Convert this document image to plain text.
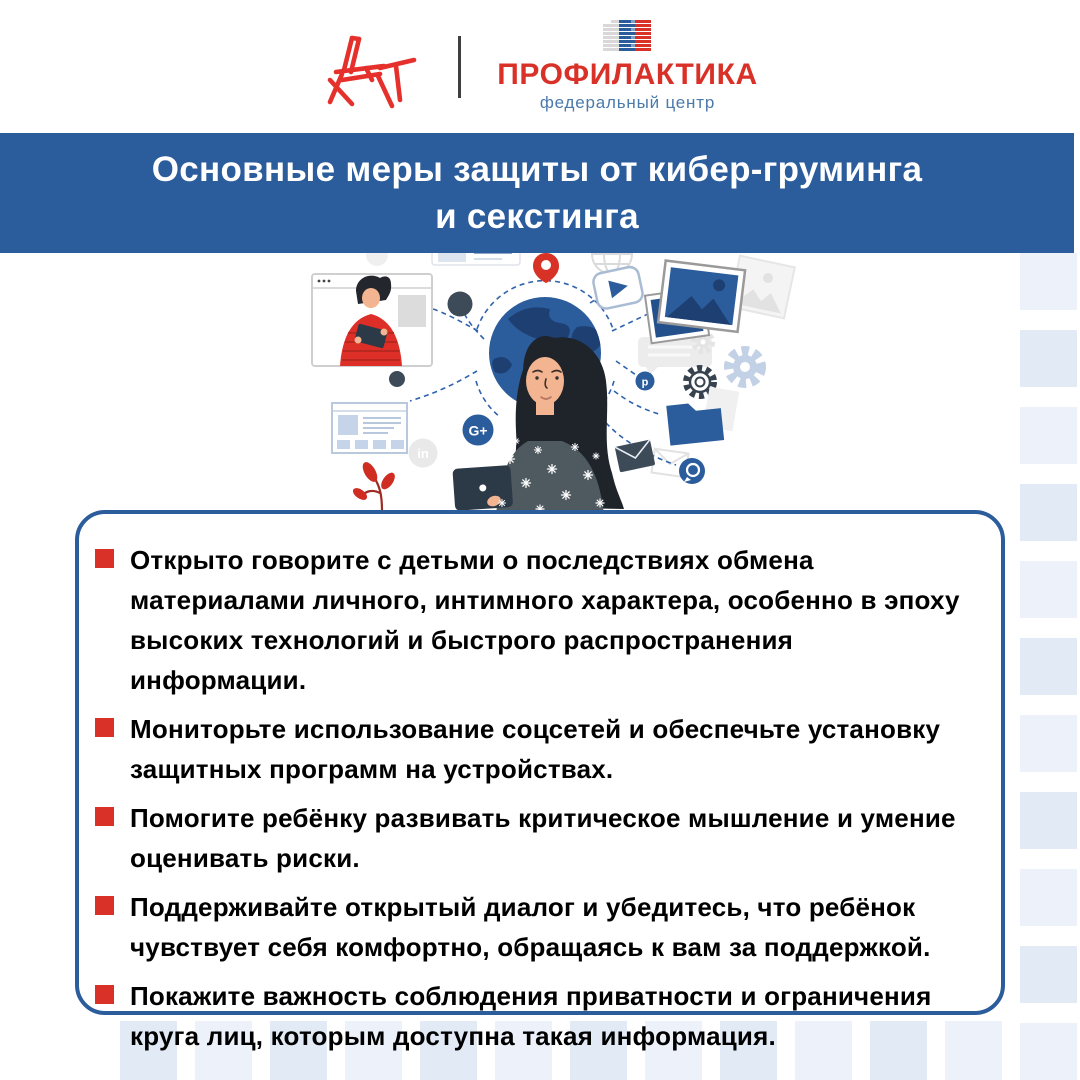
ПРОФИЛАКТИКА
федеральный центр
Основные меры защиты от кибер-груминга
и секстинга
p
G+
in

Открыто говорите с детьми о последствиях обмена материалами личного, интимного характера, особенно в эпоху высоких технологий и быстрого распространения информации.

Мониторьте использование соцсетей и обеспечьте установку защитных программ на устройствах.

Помогите ребёнку развивать критическое мышление и умение оценивать риски.

Поддерживайте открытый диалог и убедитесь, что ребёнок чувствует себя комфортно, обращаясь к вам за поддержкой.

Покажите важность соблюдения приватности и ограничения круга лиц, которым доступна такая информация.
